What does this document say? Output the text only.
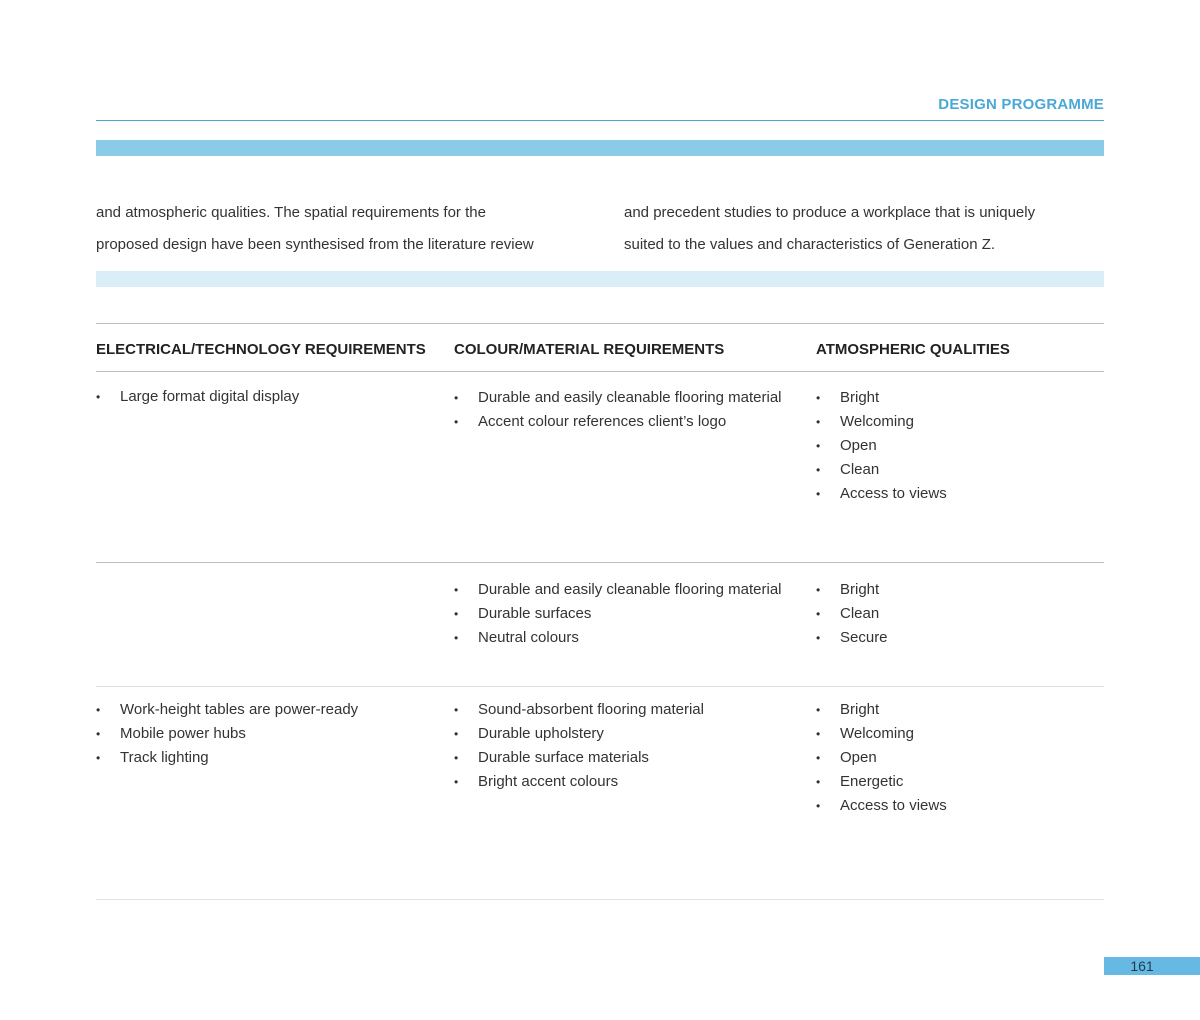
DESIGN PROGRAMME

and atmospheric qualities. The spatial requirements for the

proposed design have been synthesised from the literature review

and precedent studies to produce a workplace that is uniquely

suited to the values and characteristics of Generation Z.

ELECTRICAL/TECHNOLOGY REQUIREMENTS COLOUR/MATERIAL REQUIREMENTS	ATMOSPHERIC QUALITIES
• Large format digital display	• Durable and easily cleanable flooring material
• Accent colour references client’s logo
• Bright
• Welcoming
• Open
• Clean
• Access to views
• Durable and easily cleanable flooring material
• Durable surfaces
• Neutral colours
• Bright
• Clean
• Secure
• Work-height tables are power-ready
• Mobile power hubs
• Track lighting
• Sound-absorbent flooring material
• Durable upholstery
• Durable surface materials
• Bright accent colours
• Bright
• Welcoming
• Open
• Energetic
• Access to views
161
